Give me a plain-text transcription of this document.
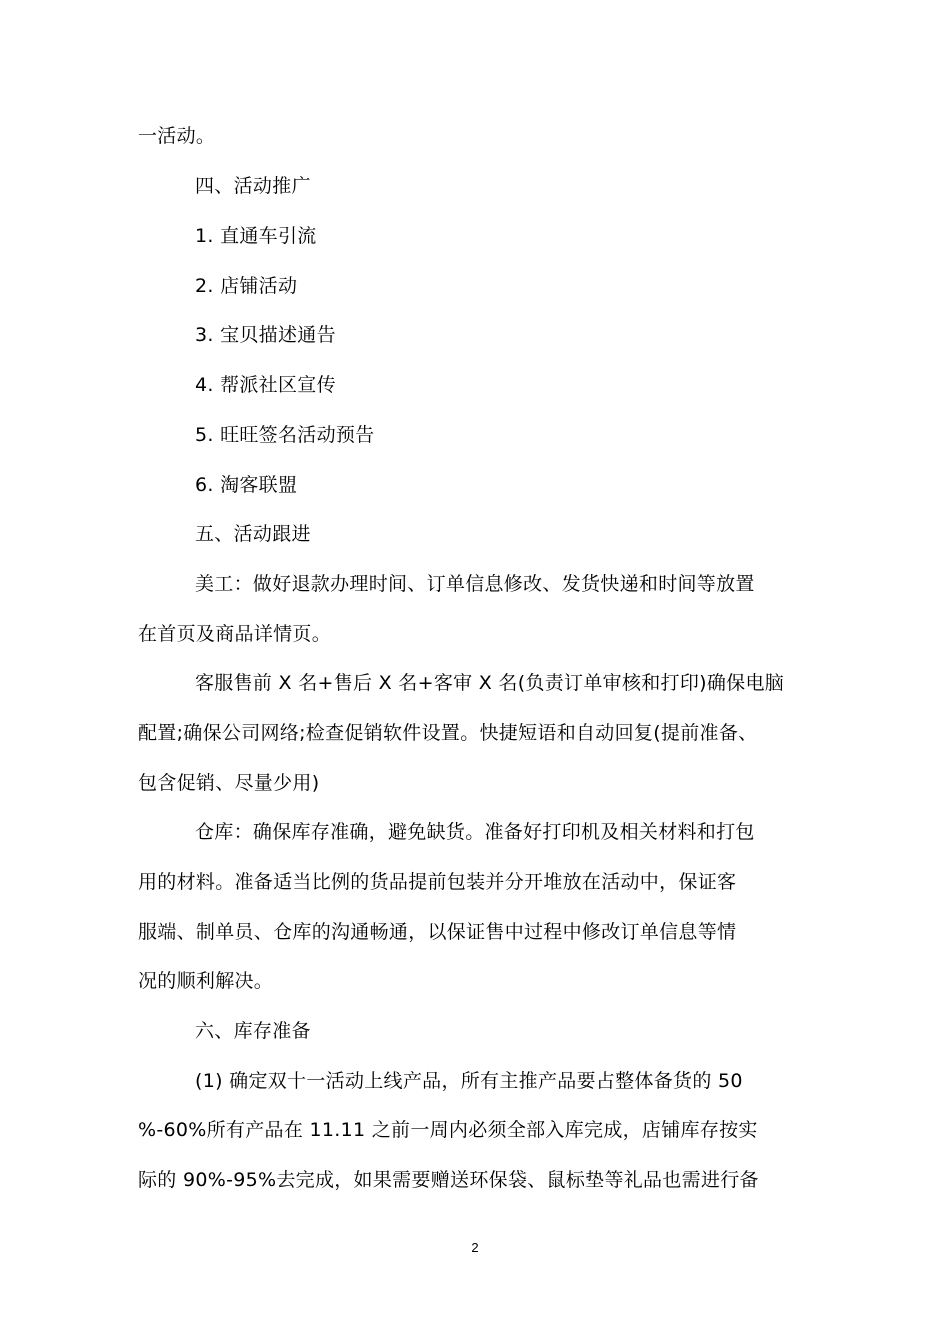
一活动。
四、活动推广
1. 直通车引流
2. 店铺活动
3. 宝贝描述通告
4. 帮派社区宣传
5. 旺旺签名活动预告
6. 淘客联盟
五、活动跟进
美工：做好退款办理时间、订单信息修改、发货快递和时间等放置
在首页及商品详情页。
客服售前 X 名+售后 X 名+客审 X 名(负责订单审核和打印)确保电脑
配置;确保公司网络;检查促销软件设置。快捷短语和自动回复(提前准备、
包含促销、尽量少用)
仓库：确保库存准确，避免缺货。准备好打印机及相关材料和打包
用的材料。准备适当比例的货品提前包装并分开堆放在活动中，保证客
服端、制单员、仓库的沟通畅通，以保证售中过程中修改订单信息等情
况的顺利解决。
六、库存准备
(1) 确定双十一活动上线产品，所有主推产品要占整体备货的 50
%-60%所有产品在 11.11 之前一周内必须全部入库完成，店铺库存按实
际的 90%-95%去完成，如果需要赠送环保袋、鼠标垫等礼品也需进行备
2
